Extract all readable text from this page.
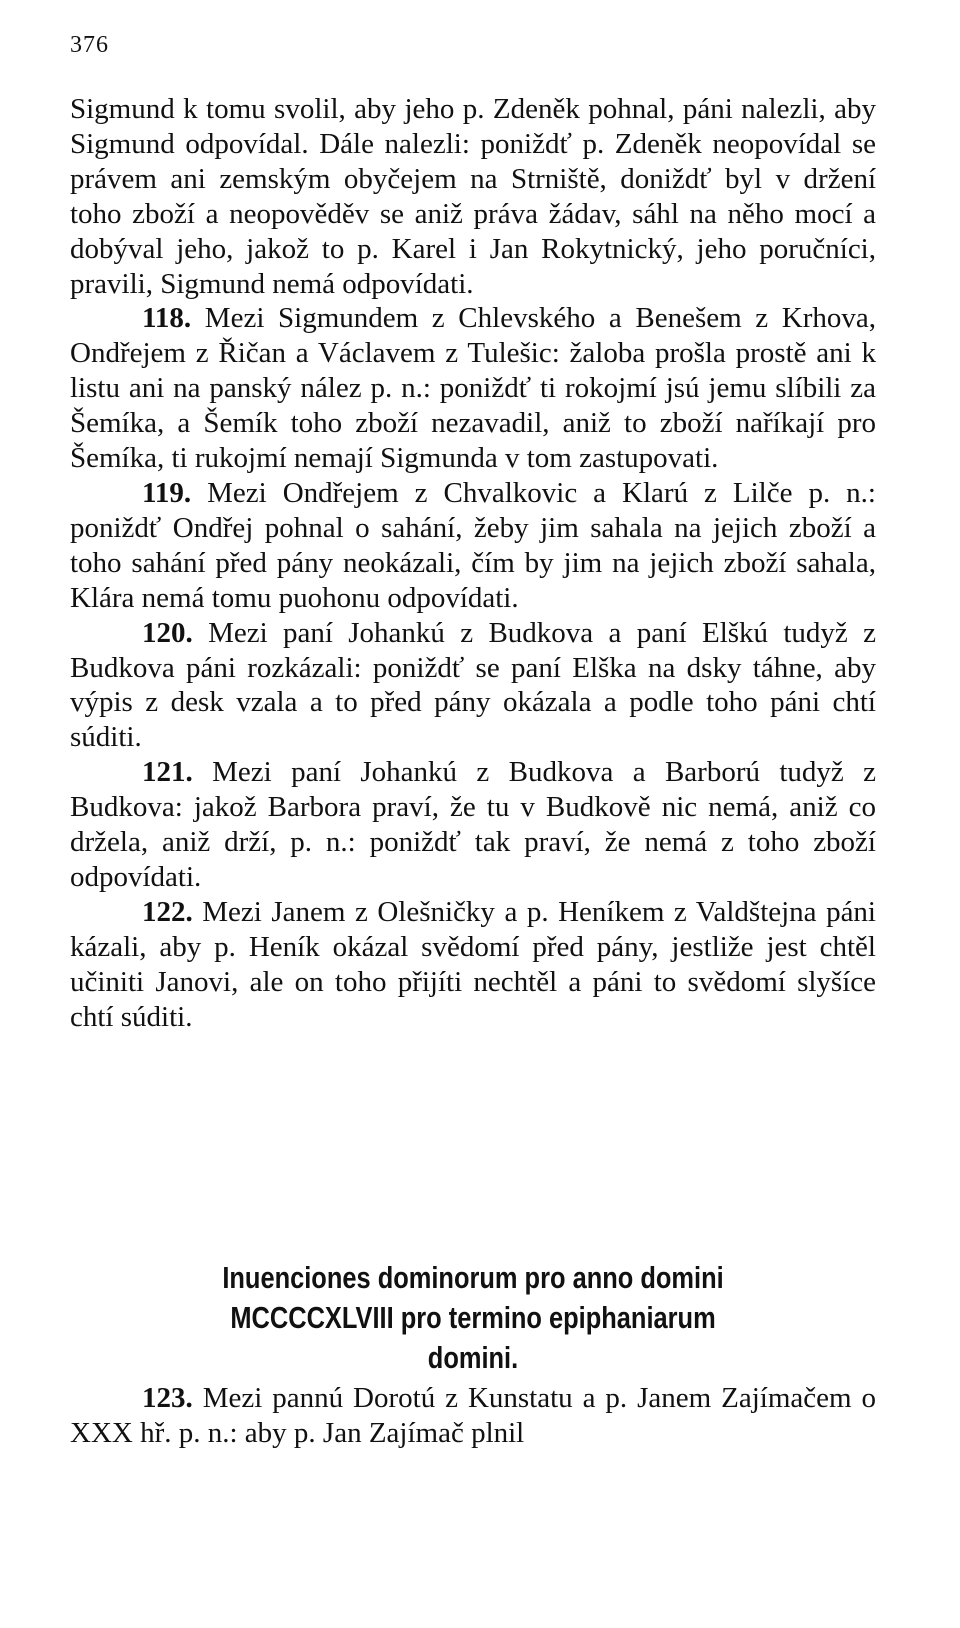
376

Sigmund k tomu svolil, aby jeho p. Zdeněk pohnal, páni nalezli, aby Sigmund odpovídal. Dále nalezli: poniždť p. Zdeněk neopovídal se právem ani zemským obyčejem na Strniště, doniždť byl v držení toho zboží a neopověděv se aniž práva žádav, sáhl na něho mocí a dobýval jeho, jakož to p. Karel i Jan Rokytnický, jeho poručníci, pravili, Sigmund nemá odpovídati.

118. Mezi Sigmundem z Chlevského a Benešem z Krhova, Ondřejem z Řičan a Václavem z Tulešic: žaloba prošla prostě ani k listu ani na panský nález p. n.: poniždť ti rokojmí jsú jemu slíbili za Šemíka, a Šemík toho zboží nezavadil, aniž to zboží naříkají pro Šemíka, ti rukojmí nemají Sigmunda v tom zastupovati.

119. Mezi Ondřejem z Chvalkovic a Klarú z Lilče p. n.: poniždť Ondřej pohnal o sahání, žeby jim sahala na jejich zboží a toho sahání před pány neokázali, čím by jim na jejich zboží sahala, Klára nemá tomu puohonu odpovídati.

120. Mezi paní Johankú z Budkova a paní Elškú tudyž z Budkova páni rozkázali: poniždť se paní Elška na dsky táhne, aby výpis z desk vzala a to před pány okázala a podle toho páni chtí súditi.

121. Mezi paní Johankú z Budkova a Barború tudyž z Budkova: jakož Barbora praví, že tu v Budkově nic nemá, aniž co držela, aniž drží, p. n.: poniždť tak praví, že nemá z toho zboží odpovídati.

122. Mezi Janem z Olešničky a p. Heníkem z Valdštejna páni kázali, aby p. Heník okázal svědomí před pány, jestliže jest chtěl učiniti Janovi, ale on toho přijíti nechtěl a páni to svědomí slyšíce chtí súditi.

Inuenciones dominorum pro anno domini
MCCCCXLVIII pro termino epiphaniarum
domini.

123. Mezi pannú Dorotú z Kunstatu a p. Janem Zajímačem o XXX hř. p. n.: aby p. Jan Zajímač plnil
